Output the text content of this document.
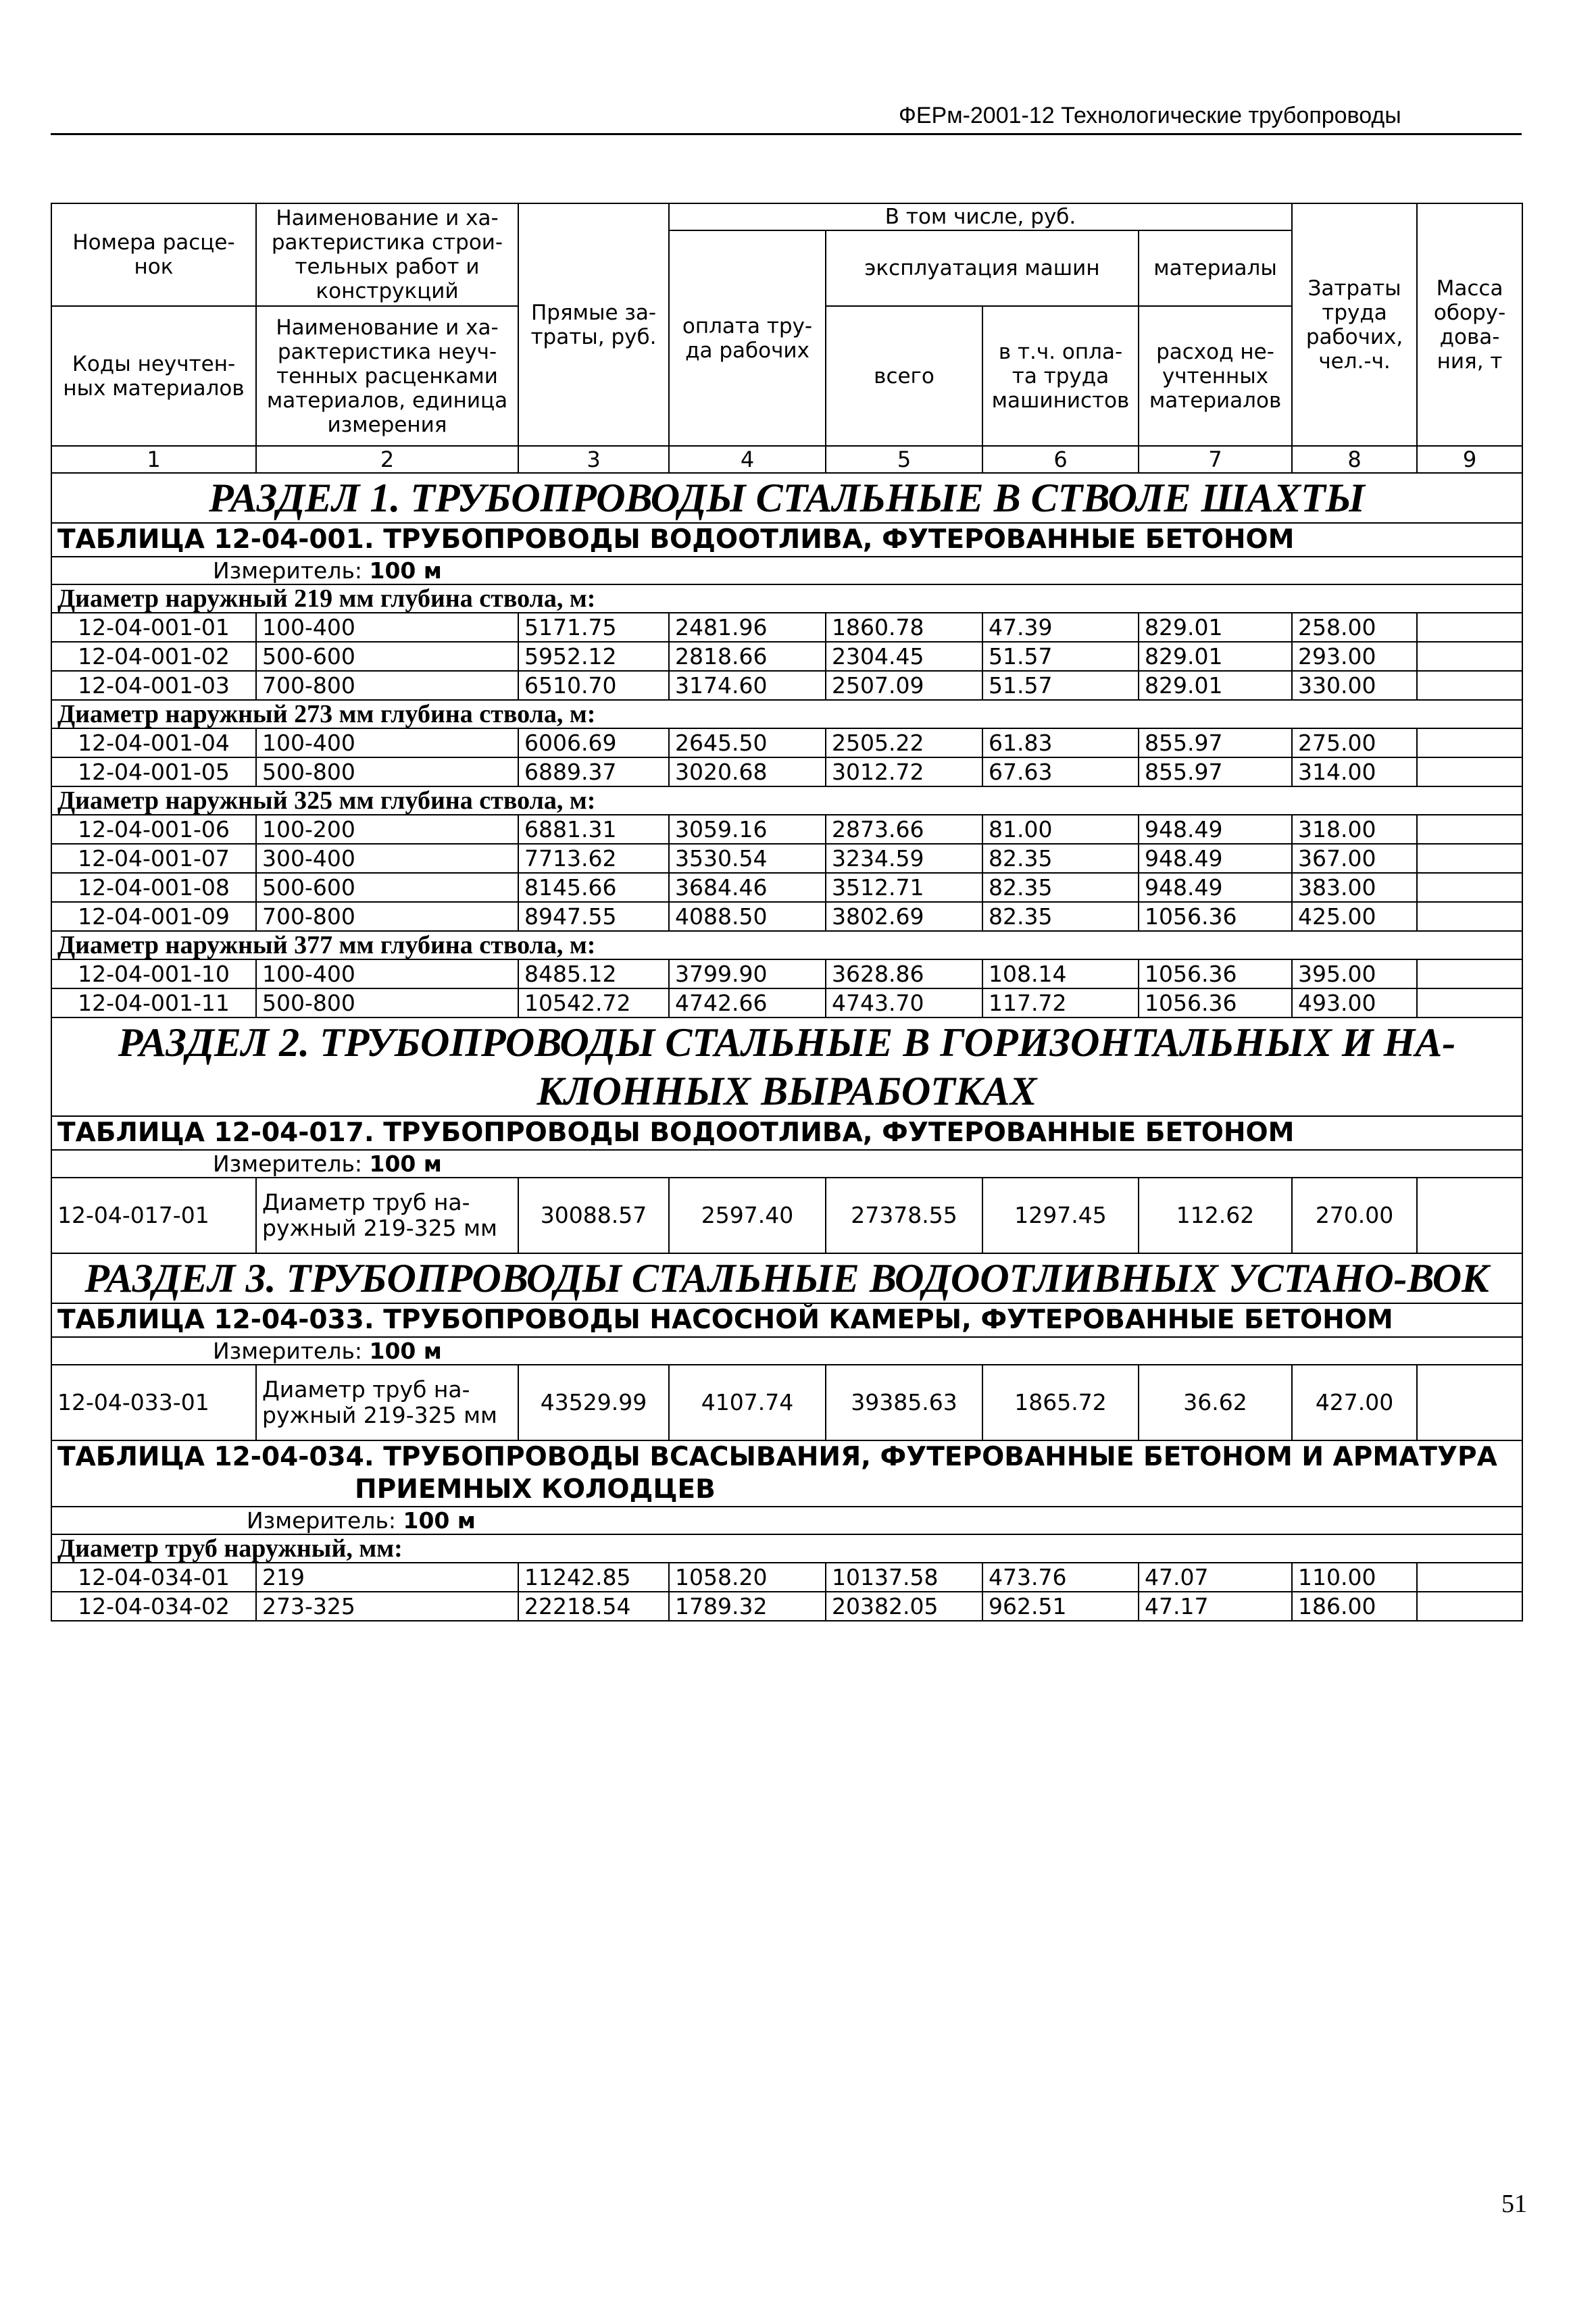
ФЕРм-2001-12 Технологические трубопроводы
Номера расце-нок	Наименование и ха-рактеристика строи-тельных работ и конструкций	Прямые за-траты, руб.	В том числе, руб.				Затраты труда рабочих, чел.-ч.	Масса обору-дова-ния, т
			оплата тру-да рабочих	эксплуатация машин		материалы		

Коды неучтен-ных материалов	Наименование и ха-рактеристика неуч-тенных расценками материалов, единица измерения			всего	в т.ч. опла-та труда машинистов	расход не-учтенных материалов		

1	2	3	4	5	6	7	8	9
РАЗДЕЛ 1. ТРУБОПРОВОДЫ СТАЛЬНЫЕ В СТВОЛЕ ШАХТЫ								
ТАБЛИЦА 12-04-001. ТРУБОПРОВОДЫ ВОДООТЛИВА, ФУТЕРОВАННЫЕ БЕТОНОМ								
Измеритель: 100 м								
Диаметр наружный 219 мм глубина ствола, м:								
12-04-001-01	100-400	5171.75	2481.96	1860.78	47.39	829.01	258.00	
12-04-001-02	500-600	5952.12	2818.66	2304.45	51.57	829.01	293.00	
12-04-001-03	700-800	6510.70	3174.60	2507.09	51.57	829.01	330.00	
Диаметр наружный 273 мм глубина ствола, м:								
12-04-001-04	100-400	6006.69	2645.50	2505.22	61.83	855.97	275.00	
12-04-001-05	500-800	6889.37	3020.68	3012.72	67.63	855.97	314.00	
Диаметр наружный 325 мм глубина ствола, м:								
12-04-001-06	100-200	6881.31	3059.16	2873.66	81.00	948.49	318.00	
12-04-001-07	300-400	7713.62	3530.54	3234.59	82.35	948.49	367.00	
12-04-001-08	500-600	8145.66	3684.46	3512.71	82.35	948.49	383.00	
12-04-001-09	700-800	8947.55	4088.50	3802.69	82.35	1056.36	425.00	
Диаметр наружный 377 мм глубина ствола, м:								
12-04-001-10	100-400	8485.12	3799.90	3628.86	108.14	1056.36	395.00	
12-04-001-11	500-800	10542.72	4742.66	4743.70	117.72	1056.36	493.00	
РАЗДЕЛ 2. ТРУБОПРОВОДЫ СТАЛЬНЫЕ В ГОРИЗОНТАЛЬНЫХ И НА-КЛОННЫХ ВЫРАБОТКАХ								
ТАБЛИЦА 12-04-017. ТРУБОПРОВОДЫ ВОДООТЛИВА, ФУТЕРОВАННЫЕ БЕТОНОМ								
Измеритель: 100 м								
12-04-017-01	Диаметр труб на-ружный 219-325 мм	30088.57	2597.40	27378.55	1297.45	112.62	270.00	
РАЗДЕЛ 3. ТРУБОПРОВОДЫ СТАЛЬНЫЕ ВОДООТЛИВНЫХ УСТАНО-ВОК								
ТАБЛИЦА 12-04-033. ТРУБОПРОВОДЫ НАСОСНОЙ КАМЕРЫ, ФУТЕРОВАННЫЕ БЕТОНОМ								
Измеритель: 100 м								
12-04-033-01	Диаметр труб на-ружный 219-325 мм	43529.99	4107.74	39385.63	1865.72	36.62	427.00	
ТАБЛИЦА 12-04-034. ТРУБОПРОВОДЫ ВСАСЫВАНИЯ, ФУТЕРОВАННЫЕ БЕТОНОМ И АРМАТУРА
ПРИЕМНЫХ КОЛОДЦЕВ								

Измеритель: 100 м								
Диаметр труб наружный, мм:								
12-04-034-01	219	11242.85	1058.20	10137.58	473.76	47.07	110.00	
12-04-034-02	273-325	22218.54	1789.32	20382.05	962.51	47.17	186.00	
51
